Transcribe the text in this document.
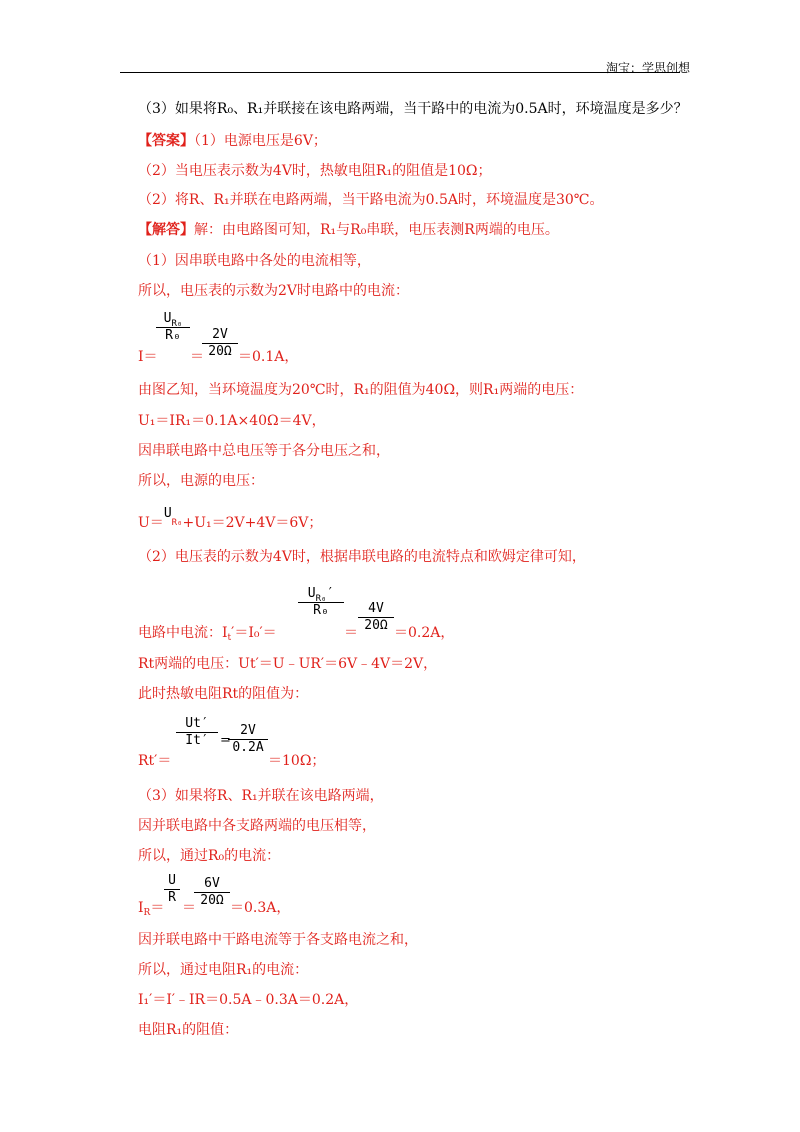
淘宝：学思创想
（3）如果将R₀、R₁并联接在该电路两端，当干路中的电流为0.5A时，环境温度是多少？
【答案】（1）电源电压是6V；
（2）当电压表示数为4V时，热敏电阻R₁的阻值是10Ω；
（2）将R、R₁并联在电路两端，当干路电流为0.5A时，环境温度是30℃。
【解答】解：由电路图可知，R₁与R₀串联，电压表测R两端的电压。
（1）因串联电路中各处的电流相等，
所以，电压表的示数为2V时电路中的电流：
I＝
$U_{R_0}$
R₀
＝
2V
20Ω ＝0.1A，
由图乙知，当环境温度为20℃时，R₁的阻值为40Ω，则R₁两端的电压：
U₁＝IR₁＝0.1A×40Ω＝4V，
因串联电路中总电压等于各分电压之和，
所以，电源的电压：
U＝UR₀+U₁＝2V+4V＝6V；
（2）电压表的示数为4V时，根据串联电路的电流特点和欧姆定律可知，
电路中电流：$I_t'=I_0'=$
$U_{R_0}'$
R₀
＝
4V
20Ω ＝0.2A，
Rt两端的电压：Ut′＝U﹣UR′＝6V﹣4V＝2V，
此时热敏电阻Rt的阻值为：
Rt′＝
Ut′
It′ =
2V
0.2A
＝10Ω；
（3）如果将R、R₁并联在该电路两端，
因并联电路中各支路两端的电压相等，
所以，通过R₀的电流：
$I_R=$
U
R
＝
6V
20Ω ＝0.3A，
因并联电路中干路电流等于各支路电流之和，
所以，通过电阻R₁的电流：
I₁′＝I′﹣IR＝0.5A﹣0.3A＝0.2A，
电阻R₁的阻值：
